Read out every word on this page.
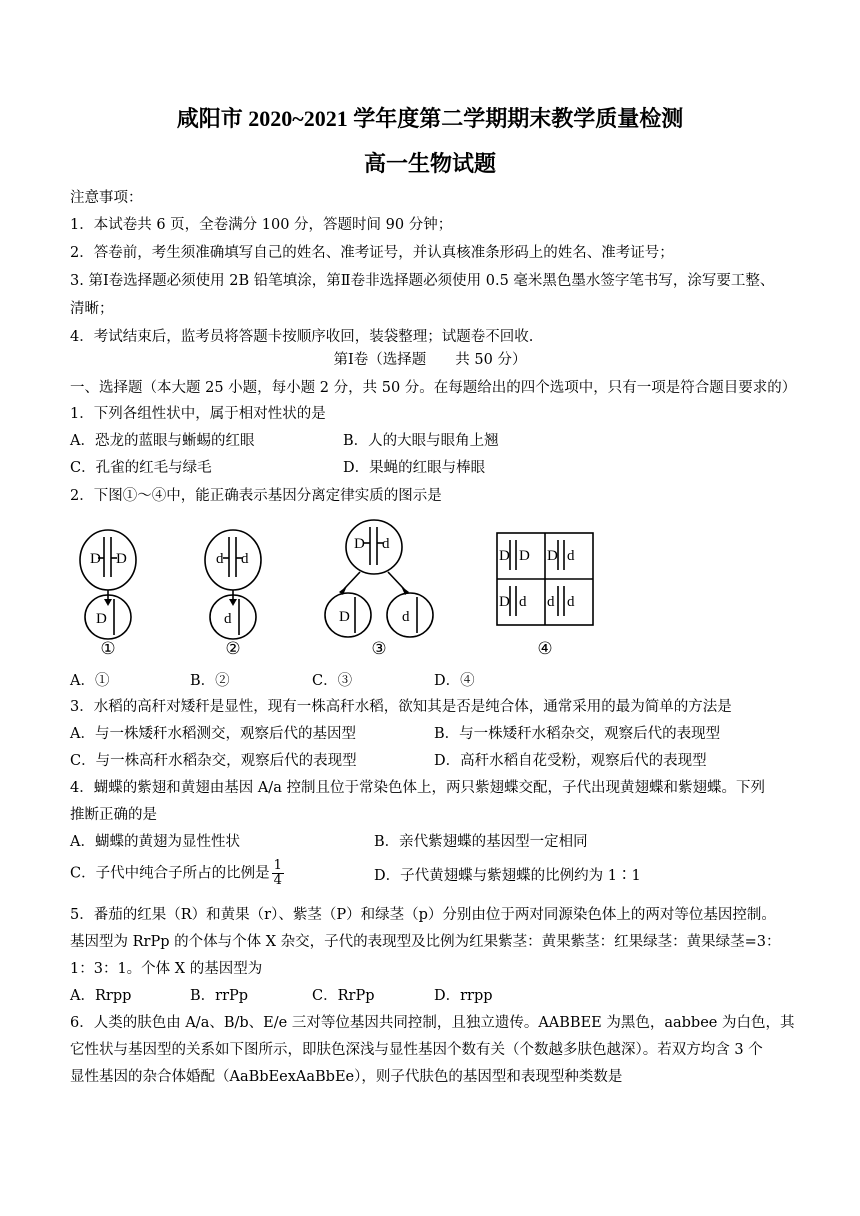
咸阳市 2020~2021 学年度第二学期期末教学质量检测
高一生物试题
注意事项：
1．本试卷共 6 页，全卷满分 100 分，答题时间 90 分钟；
2．答卷前，考生须准确填写自己的姓名、准考证号，并认真核准条形码上的姓名、准考证号；
3. 第Ⅰ卷选择题必须使用 2B 铅笔填涂，第Ⅱ卷非选择题必须使用 0.5 毫米黑色墨水签字笔书写，涂写要工整、
清晰；
4．考试结束后，监考员将答题卡按顺序收回，装袋整理；试题卷不回收.
第Ⅰ卷（选择题　　共 50 分）
一、选择题（本大题 25 小题，每小题 2 分，共 50 分。在每题给出的四个选项中，只有一项是符合题目要求的）
1．下列各组性状中，属于相对性状的是
A．恐龙的蓝眼与蜥蜴的红眼	B．人的大眼与眼角上翘
C．孔雀的红毛与绿毛	D．果蝇的红眼与棒眼
2．下图①～④中，能正确表示基因分离定律实质的图示是
D D
D
d d
d
D d
D	d
D D D d
D d d d
①	②	③	④
A．①	B．②	C．③	D．④
3．水稻的高秆对矮秆是显性，现有一株高秆水稻，欲知其是否是纯合体，通常采用的最为简单的方法是
A．与一株矮秆水稻测交，观察后代的基因型	B．与一株矮秆水稻杂交，观察后代的表现型
C．与一株高秆水稻杂交，观察后代的表现型	D．高秆水稻自花受粉，观察后代的表现型
4．蝴蝶的紫翅和黄翅由基因 A/a 控制且位于常染色体上，两只紫翅蝶交配，子代出现黄翅蝶和紫翅蝶。下列
推断正确的是
A．蝴蝶的黄翅为显性性状	B．亲代紫翅蝶的基因型一定相同
C．子代中纯合子所占的比例是 $\frac{1}{4}$	D．子代黄翅蝶与紫翅蝶的比例约为 1∶1
5．番茄的红果（R）和黄果（r）、紫茎（P）和绿茎（p）分别由位于两对同源染色体上的两对等位基因控制。
基因型为 RrPp 的个体与个体 X 杂交，子代的表现型及比例为红果紫茎：黄果紫茎：红果绿茎：黄果绿茎=3：
1：3：1。个体 X 的基因型为
A．Rrpp	B．rrPp	C．RrPp	D．rrpp
6．人类的肤色由 A/a、B/b、E/e 三对等位基因共同控制，且独立遗传。AABBEE 为黑色，aabbee 为白色，其
它性状与基因型的关系如下图所示，即肤色深浅与显性基因个数有关（个数越多肤色越深）。若双方均含 3 个
显性基因的杂合体婚配（AaBbEexAaBbEe），则子代肤色的基因型和表现型种类数是
